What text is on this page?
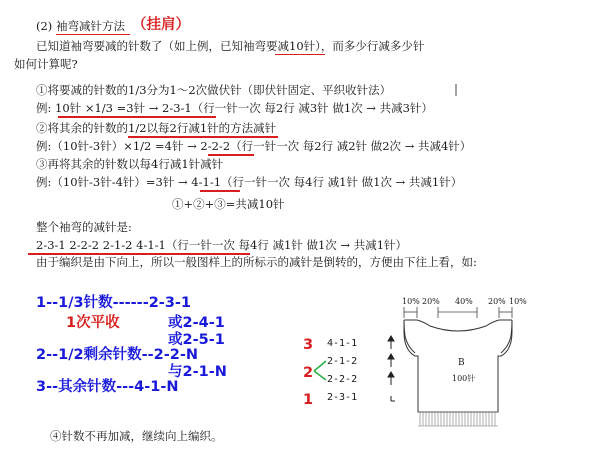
(2) 袖弯减针方法 （挂肩）
已知道袖弯要减的针数了（如上例，已知袖弯要减10针），而多少行减多少针
如何计算呢?
①将要减的针数的1/3分为1～2次做伏针（即伏针固定、平织收针法）
例: 10针 ×1/3 =3针 → 2-3-1（行一针一次 每2行 减3针 做1次 → 共减3针）
②将其余的针数的1/2以每2行减1针的方法减针
例:（10针-3针）×1/2 =4针 → 2-2-2（行一针一次 每2行 减2针 做2次 → 共减4针）
③再将其余的针数以每4行减1针减针
例:（10针-3针-4针）=3针 → 4-1-1（行一针一次 每4行 减1针 做1次 → 共减1针）
①+②+③=共减10针
整个袖弯的减针是:
2-3-1 2-2-2 2-1-2 4-1-1（行一针一次 每4行 减1针 做1次 → 共减1针）
由于编织是由下向上，所以一般图样上的所标示的减针是倒转的，方便由下往上看，如:
1--1/3针数------2-3-1
1次平收	或2-4-1
或2-5-1
2--1/2剩余针数--2-2-N
与2-1-N
3--其余针数---4-1-N
④针数不再加减，继续向上编织。
3
2
1
4-1-1
2-1-2
2-2-2
2-3-1
10% 20% 40% 20% 10%
B
100针
